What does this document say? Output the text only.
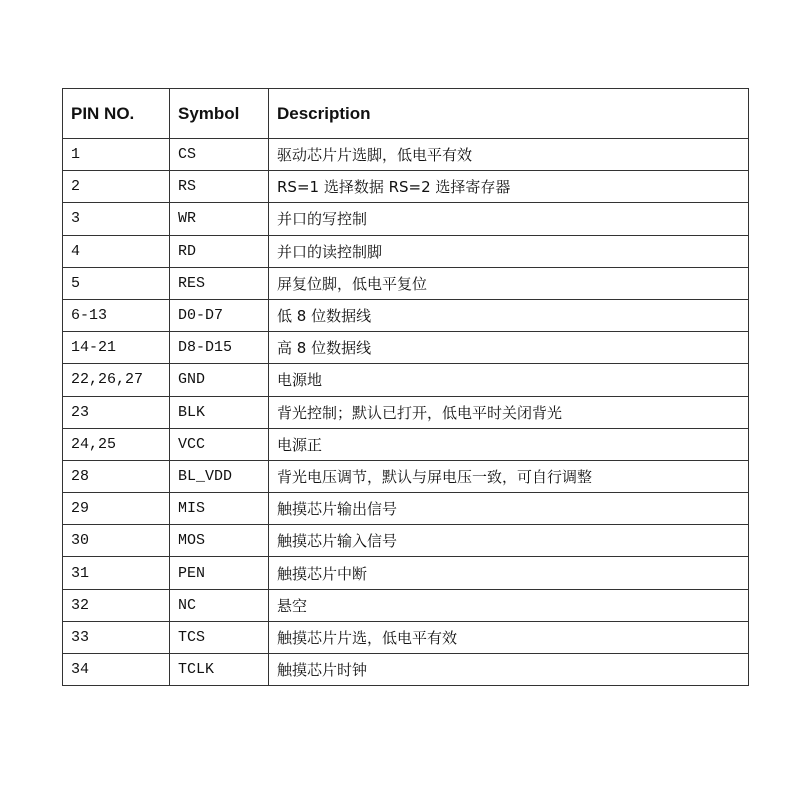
PIN NO.	Symbol	Description
1	CS	驱动芯片片选脚，低电平有效
2	RS	RS=1 选择数据 RS=2 选择寄存器
3	WR	并口的写控制
4	RD	并口的读控制脚
5	RES	屏复位脚，低电平复位
6-13	D0-D7	低 8 位数据线
14-21	D8-D15	高 8 位数据线
22,26,27	GND	电源地
23	BLK	背光控制；默认已打开，低电平时关闭背光
24,25	VCC	电源正
28	BL_VDD	背光电压调节，默认与屏电压一致，可自行调整
29	MIS	触摸芯片输出信号
30	MOS	触摸芯片输入信号
31	PEN	触摸芯片中断
32	NC	悬空
33	TCS	触摸芯片片选，低电平有效
34	TCLK	触摸芯片时钟
